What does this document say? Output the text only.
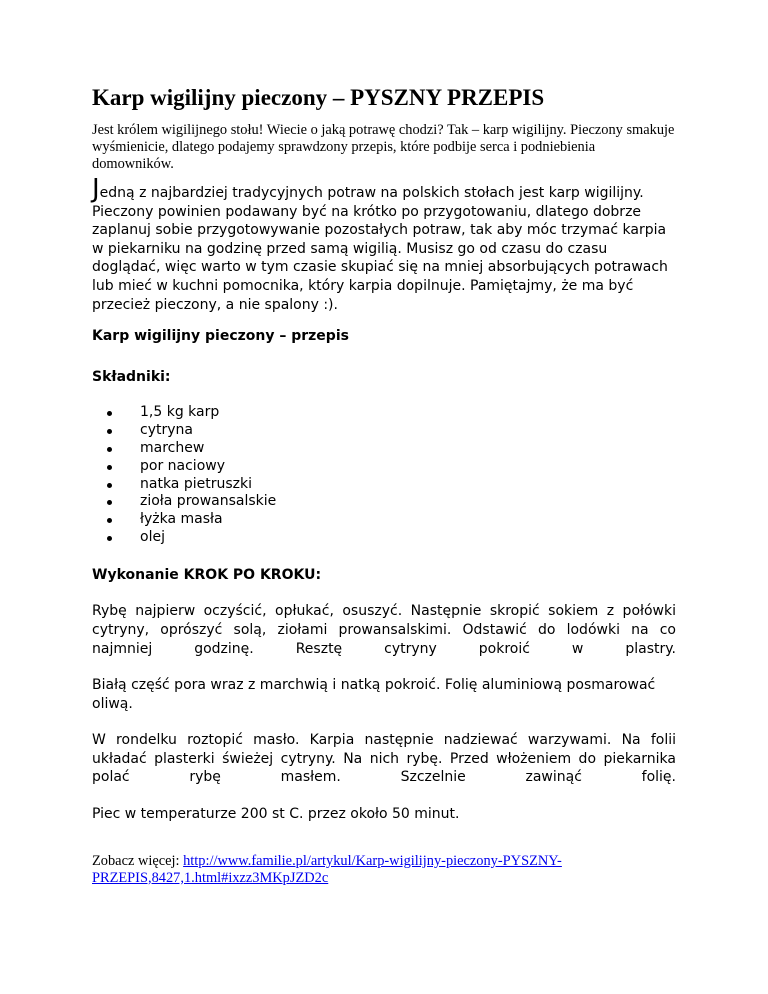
Karp wigilijny pieczony – PYSZNY PRZEPIS

Jest królem wigilijnego stołu! Wiecie o jaką potrawę chodzi? Tak – karp wigilijny. Pieczony smakuje wyśmienicie, dlatego podajemy sprawdzony przepis, które podbije serca i podniebienia domowników.

Jedną z najbardziej tradycyjnych potraw na polskich stołach jest karp wigilijny. Pieczony powinien podawany być na krótko po przygotowaniu, dlatego dobrze zaplanuj sobie przygotowywanie pozostałych potraw, tak aby móc trzymać karpia w piekarniku na godzinę przed samą wigilią. Musisz go od czasu do czasu doglądać, więc warto w tym czasie skupiać się na mniej absorbujących potrawach lub mieć w kuchni pomocnika, który karpia dopilnuje. Pamiętajmy, że ma być przecież pieczony, a nie spalony :).

Karp wigilijny pieczony – przepis

Składniki:

1,5 kg karp
cytryna
marchew
por naciowy
natka pietruszki
zioła prowansalskie
łyżka masła
olej

Wykonanie KROK PO KROKU:

Rybę najpierw oczyścić, opłukać, osuszyć. Następnie skropić sokiem z połówki cytryny, oprószyć solą, ziołami prowansalskimi. Odstawić do lodówki na co najmniej godzinę. Resztę cytryny pokroić w plastry.

Białą część pora wraz z marchwią i natką pokroić. Folię aluminiową posmarować oliwą.

W rondelku roztopić masło. Karpia następnie nadziewać warzywami. Na folii układać plasterki świeżej cytryny. Na nich rybę. Przed włożeniem do piekarnika polać rybę masłem. Szczelnie zawinąć folię.

Piec w temperaturze 200 st C. przez około 50 minut.

Zobacz więcej: http://www.familie.pl/artykul/Karp-wigilijny-pieczony-PYSZNY-PRZEPIS,8427,1.html#ixzz3MKpJZD2c
